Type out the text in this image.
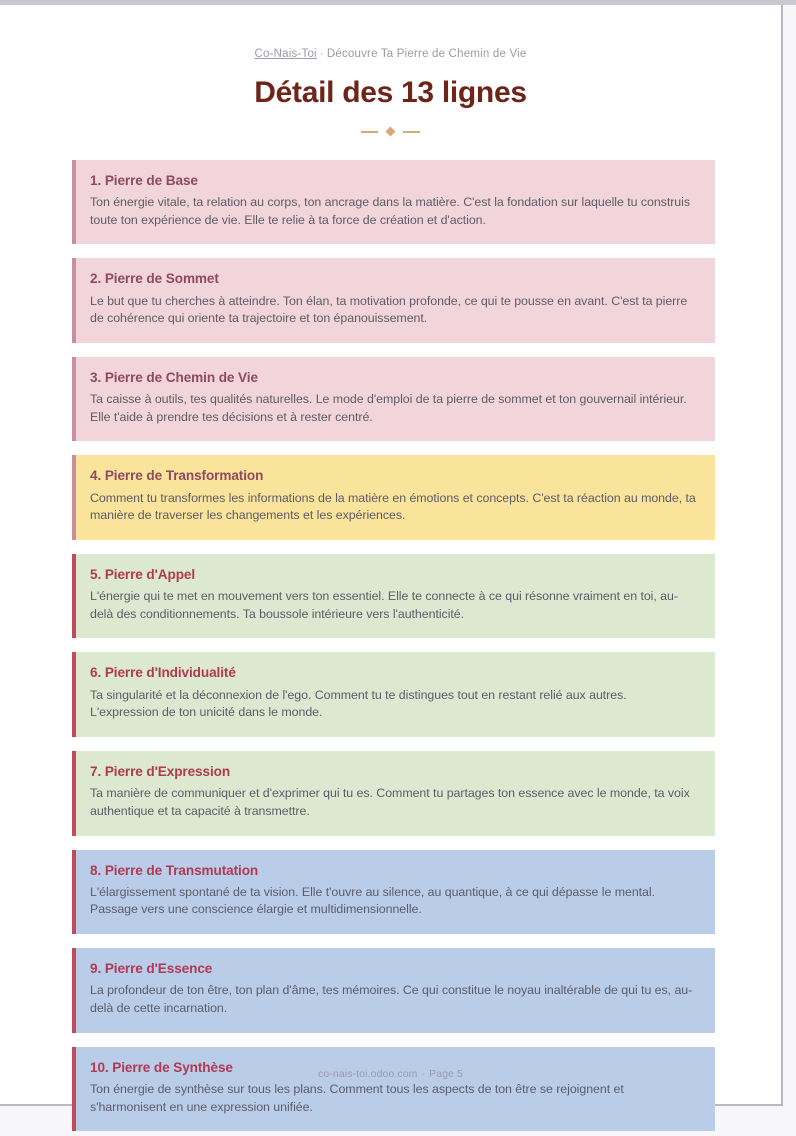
Co-Nais-Toi · Découvre Ta Pierre de Chemin de Vie
Détail des 13 lignes
1. Pierre de Base

Ton énergie vitale, ta relation au corps, ton ancrage dans la matière. C'est la fondation sur laquelle tu construis toute ton expérience de vie. Elle te relie à ta force de création et d'action.

2. Pierre de Sommet

Le but que tu cherches à atteindre. Ton élan, ta motivation profonde, ce qui te pousse en avant. C'est ta pierre de cohérence qui oriente ta trajectoire et ton épanouissement.

3. Pierre de Chemin de Vie

Ta caisse à outils, tes qualités naturelles. Le mode d'emploi de ta pierre de sommet et ton gouvernail intérieur. Elle t'aide à prendre tes décisions et à rester centré.

4. Pierre de Transformation

Comment tu transformes les informations de la matière en émotions et concepts. C'est ta réaction au monde, ta manière de traverser les changements et les expériences.

5. Pierre d'Appel

L'énergie qui te met en mouvement vers ton essentiel. Elle te connecte à ce qui résonne vraiment en toi, au-delà des conditionnements. Ta boussole intérieure vers l'authenticité.

6. Pierre d'Individualité

Ta singularité et la déconnexion de l'ego. Comment tu te distingues tout en restant relié aux autres. L'expression de ton unicité dans le monde.

7. Pierre d'Expression

Ta manière de communiquer et d'exprimer qui tu es. Comment tu partages ton essence avec le monde, ta voix authentique et ta capacité à transmettre.

8. Pierre de Transmutation

L'élargissement spontané de ta vision. Elle t'ouvre au silence, au quantique, à ce qui dépasse le mental. Passage vers une conscience élargie et multidimensionnelle.

9. Pierre d'Essence

La profondeur de ton être, ton plan d'âme, tes mémoires. Ce qui constitue le noyau inaltérable de qui tu es, au-delà de cette incarnation.

10. Pierre de Synthèse

Ton énergie de synthèse sur tous les plans. Comment tous les aspects de ton être se rejoignent et s'harmonisent en une expression unifiée.

co-nais-toi.odoo.com · Page 5
